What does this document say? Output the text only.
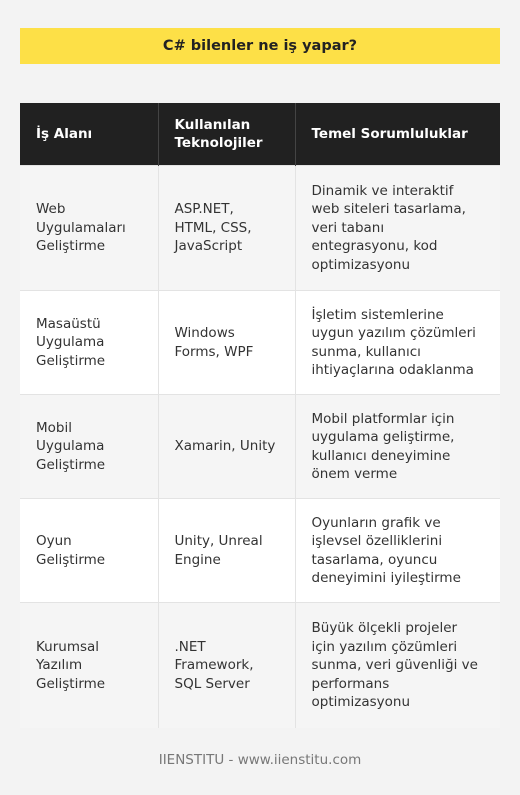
C# bilenler ne iş yapar?
İş Alanı	Kullanılan Teknolojiler	Temel Sorumluluklar
Web Uygulamaları Geliştirme	ASP.NET, HTML, CSS, JavaScript	Dinamik ve interaktif web siteleri tasarlama, veri tabanı entegrasyonu, kod optimizasyonu
Masaüstü Uygulama Geliştirme	Windows Forms, WPF	İşletim sistemlerine uygun yazılım çözümleri sunma, kullanıcı ihtiyaçlarına odaklanma
Mobil Uygulama Geliştirme	Xamarin, Unity	Mobil platformlar için uygulama geliştirme, kullanıcı deneyimine önem verme
Oyun Geliştirme	Unity, Unreal Engine	Oyunların grafik ve işlevsel özelliklerini tasarlama, oyuncu deneyimini iyileştirme
Kurumsal Yazılım Geliştirme	.NET Framework, SQL Server	Büyük ölçekli projeler için yazılım çözümleri sunma, veri güvenliği ve performans optimizasyonu
IIENSTITU - www.iienstitu.com
